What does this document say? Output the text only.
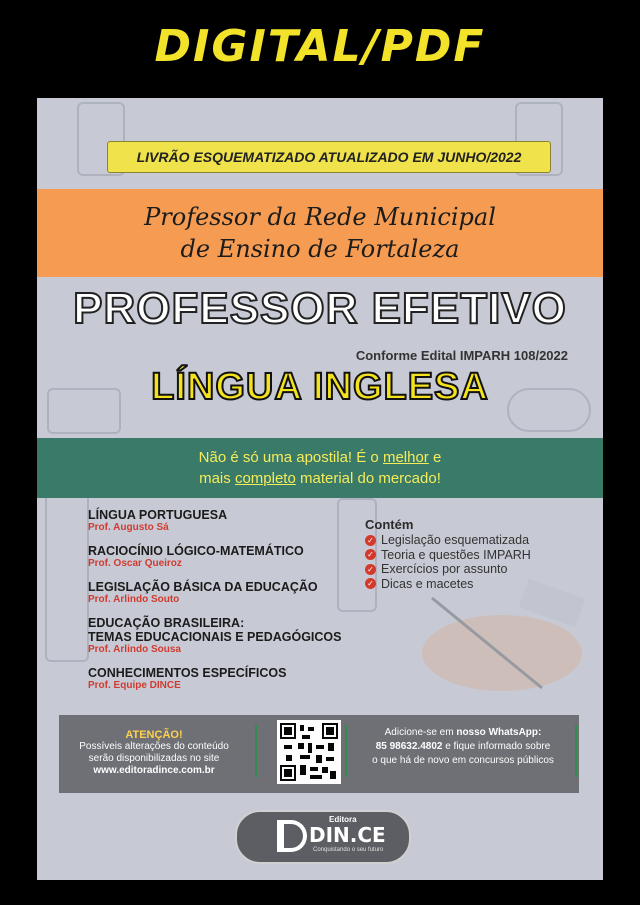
DIGITAL/PDF
LIVRÃO ESQUEMATIZADO ATUALIZADO EM JUNHO/2022
Professor da Rede Municipal
de Ensino de Fortaleza
PROFESSOR EFETIVO
Conforme Edital IMPARH 108/2022
LÍNGUA INGLESA
Não é só uma apostila! É o melhor e
mais completo material do mercado!
LÍNGUA PORTUGUESA
Prof. Augusto Sá
RACIOCÍNIO LÓGICO-MATEMÁTICO
Prof. Oscar Queiroz
LEGISLAÇÃO BÁSICA DA EDUCAÇÃO
Prof. Arlindo Souto
EDUCAÇÃO BRASILEIRA:
TEMAS EDUCACIONAIS E PEDAGÓGICOS
Prof. Arlindo Sousa
CONHECIMENTOS ESPECÍFICOS
Prof. Equipe DINCE
Contém
✓ Legislação esquematizada
✓ Teoria e questões IMPARH
✓ Exercícios por assunto
✓ Dicas e macetes
ATENÇÃO!
Possíveis alterações do conteúdo
serão disponibilizadas no site
www.editoradince.com.br
Adicione-se em nosso WhatsApp:
85 98632.4802 e fique informado sobre
o que há de novo em concursos públicos
Editora
DIN.CE
Conquistando o seu futuro
